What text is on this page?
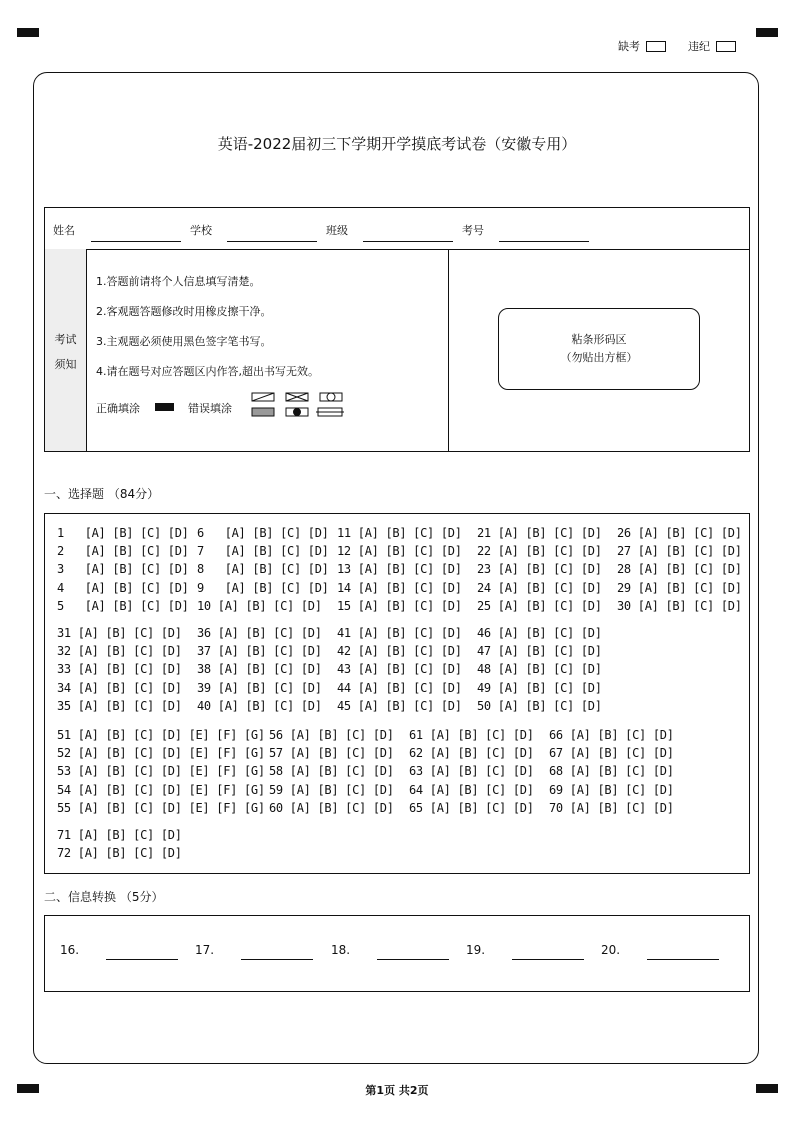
缺考	违纪
英语-2022届初三下学期开学摸底考试卷（安徽专用）
姓名	学校	班级	考号
考试
须知
1.答题前请将个人信息填写清楚。
2.客观题答题修改时用橡皮擦干净。
3.主观题必须使用黑色签字笔书写。
4.请在题号对应答题区内作答,超出书写无效。
正确填涂	错误填涂
粘条形码区
（勿贴出方框）
一、选择题 （84分）
1   [A] [B] [C] [D] 6   [A] [B] [C] [D] 11 [A] [B] [C] [D] 21 [A] [B] [C] [D] 26 [A] [B] [C] [D]
2   [A] [B] [C] [D] 7   [A] [B] [C] [D] 12 [A] [B] [C] [D] 22 [A] [B] [C] [D] 27 [A] [B] [C] [D]
3   [A] [B] [C] [D] 8   [A] [B] [C] [D] 13 [A] [B] [C] [D] 23 [A] [B] [C] [D] 28 [A] [B] [C] [D]
4   [A] [B] [C] [D] 9   [A] [B] [C] [D] 14 [A] [B] [C] [D] 24 [A] [B] [C] [D] 29 [A] [B] [C] [D]
5   [A] [B] [C] [D] 10 [A] [B] [C] [D] 15 [A] [B] [C] [D] 25 [A] [B] [C] [D] 30 [A] [B] [C] [D]
31 [A] [B] [C] [D] 36 [A] [B] [C] [D] 41 [A] [B] [C] [D] 46 [A] [B] [C] [D]
32 [A] [B] [C] [D] 37 [A] [B] [C] [D] 42 [A] [B] [C] [D] 47 [A] [B] [C] [D]
33 [A] [B] [C] [D] 38 [A] [B] [C] [D] 43 [A] [B] [C] [D] 48 [A] [B] [C] [D]
34 [A] [B] [C] [D] 39 [A] [B] [C] [D] 44 [A] [B] [C] [D] 49 [A] [B] [C] [D]
35 [A] [B] [C] [D] 40 [A] [B] [C] [D] 45 [A] [B] [C] [D] 50 [A] [B] [C] [D]
51 [A] [B] [C] [D] [E] [F] [G] 56 [A] [B] [C] [D] 61 [A] [B] [C] [D] 66 [A] [B] [C] [D]
52 [A] [B] [C] [D] [E] [F] [G] 57 [A] [B] [C] [D] 62 [A] [B] [C] [D] 67 [A] [B] [C] [D]
53 [A] [B] [C] [D] [E] [F] [G] 58 [A] [B] [C] [D] 63 [A] [B] [C] [D] 68 [A] [B] [C] [D]
54 [A] [B] [C] [D] [E] [F] [G] 59 [A] [B] [C] [D] 64 [A] [B] [C] [D] 69 [A] [B] [C] [D]
55 [A] [B] [C] [D] [E] [F] [G] 60 [A] [B] [C] [D] 65 [A] [B] [C] [D] 70 [A] [B] [C] [D]
71 [A] [B] [C] [D]
72 [A] [B] [C] [D]
二、信息转换 （5分）
16.	17.	18.	19.	20.
第1页 共2页
